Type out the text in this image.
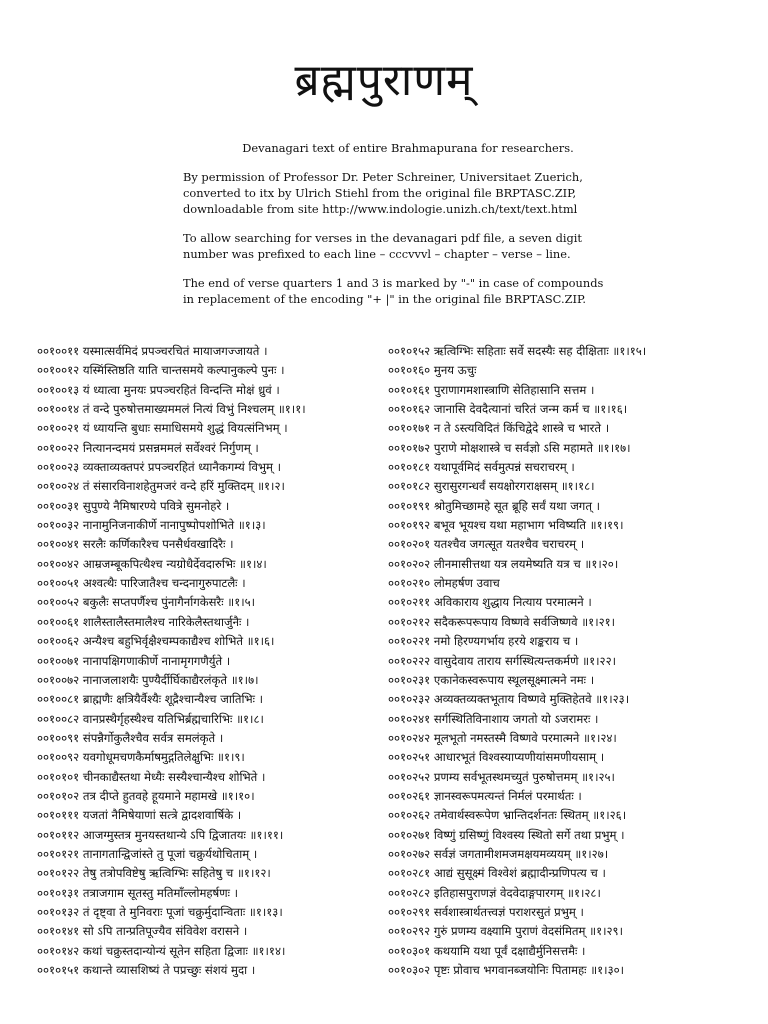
ब्रह्मपुराणम्

Devanagari text of entire Brahmapurana for researchers.

By permission of Professor Dr. Peter Schreiner, Universitaet Zuerich,
converted to itx by Ulrich Stiehl from the original file BRPTASC.ZIP,
downloadable from site http://www.indologie.unizh.ch/text/text.html

To allow searching for verses in the devanagari pdf file, a seven digit
number was prefixed to each line – cccvvvl – chapter – verse – line.

The end of verse quarters 1 and 3 is marked by "-" in case of compounds
in replacement of the encoding "+ |" in the original file BRPTASC.ZIP.

००१००११ यस्मात्सर्वमिदं प्रपञ्चरचितं मायाजगज्जायते ।
००१००१२ यस्मिंस्तिष्ठति याति चान्तसमये कल्पानुकल्पे पुनः ।
००१००१३ यं ध्यात्वा मुनयः प्रपञ्चरहितं विन्दन्ति मोक्षं ध्रुवं ।
००१००१४ तं वन्दे पुरुषोत्तमाख्यममलं नित्यं विभुं निश्चलम् ॥१।१।
००१००२१ यं ध्यायन्ति बुधाः समाधिसमये शुद्धं वियत्संनिभम् ।
००१००२२ नित्यानन्दमयं प्रसन्नममलं सर्वेश्वरं निर्गुणम् ।
००१००२३ व्यक्ताव्यक्तपरं प्रपञ्चरहितं ध्यानैकगम्यं विभुम् ।
००१००२४ तं संसारविनाशहेतुमजरं वन्दे हरिं मुक्तिदम् ॥१।२।
००१००३१ सुपुण्ये नैमिषारण्ये पवित्रे सुमनोहरे ।
००१००३२ नानामुनिजनाकीर्णे नानापुष्पोपशोभिते ॥१।३।
००१००४१ सरलैः कर्णिकारैश्च पनसैर्धवखादिरैः ।
००१००४२ आम्रजम्बूकपित्थैश्च न्यग्रोधैर्देवदारुभिः ॥१।४।
००१००५१ अश्वत्थैः पारिजातैश्च चन्दनागुरुपाटलैः ।
००१००५२ बकुलैः सप्तपर्णैश्च पुंनागैर्नागकेसरैः ॥१।५।
००१००६१ शालैस्तालैस्तमालैश्च नारिकेलैस्तथार्जुनैः ।
००१००६२ अन्यैश्च बहुभिर्वृक्षैश्चम्पकाद्यैश्च शोभिते ॥१।६।
००१००७१ नानापक्षिगणाकीर्णे नानामृगगणैर्युते ।
००१००७२ नानाजलाशयैः पुण्यैर्दीर्घिकाद्यैरलंकृते ॥१।७।
००१००८१ ब्राह्मणैः क्षत्रियैर्वैश्यैः शूद्रैश्चान्यैश्च जातिभिः ।
००१००८२ वानप्रस्थैर्गृहस्थैश्च यतिभिर्ब्रह्मचारिभिः ॥१।८।
००१००९१ संपन्नैर्गोकुलैश्चैव सर्वत्र समलंकृते ।
००१००९२ यवगोधूमचणकैर्माषमुद्गतिलेक्षुभिः ॥१।९।
००१०१०१ चीनकाद्यैस्तथा मेध्यैः सस्यैश्चान्यैश्च शोभिते ।
००१०१०२ तत्र दीप्ते हुतवहे हूयमाने महामखे ॥१।१०।
००१०१११ यजतां नैमिषेयाणां सत्त्रे द्वादशवार्षिके ।
००१०११२ आजग्मुस्तत्र मुनयस्तथान्ये ऽपि द्विजातयः ॥१।११।
००१०१२१ तानागतान्द्विजांस्ते तु पूजां चक्रुर्यथोचिताम् ।
००१०१२२ तेषु तत्रोपविष्टेषु ऋत्विग्भिः सहितेषु च ॥१।१२।
००१०१३१ तत्राजगाम सूतस्तु मतिमाँल्लोमहर्षणः ।
००१०१३२ तं दृष्ट्वा ते मुनिवराः पूजां चक्रुर्मुदान्विताः ॥१।१३।
००१०१४१ सो ऽपि तान्प्रतिपूज्यैव संविवेश वरासने ।
००१०१४२ कथां चक्रुस्तदान्योन्यं सूतेन सहिता द्विजाः ॥१।१४।
००१०१५१ कथान्ते व्यासशिष्यं ते पप्रच्छुः संशयं मुदा ।
००१०१५२ ऋत्विग्भिः सहिताः सर्वे सदस्यैः सह दीक्षिताः ॥१।१५।
००१०१६० मुनय ऊचुः
००१०१६१ पुराणागमशास्त्राणि सेतिहासानि सत्तम ।
००१०१६२ जानासि देवदैत्यानां चरितं जन्म कर्म च ॥१।१६।
००१०१७१ न ते ऽस्त्यविदितं किंचिद्वेदे शास्त्रे च भारते ।
००१०१७२ पुराणे मोक्षशास्त्रे च सर्वज्ञो ऽसि महामते ॥१।१७।
००१०१८१ यथापूर्वमिदं सर्वमुत्पन्नं सचराचरम् ।
००१०१८२ सुरासुरगन्धर्वं सयक्षोरगराक्षसम् ॥१।१८।
००१०१९१ श्रोतुमिच्छामहे सूत ब्रूहि सर्वं यथा जगत् ।
००१०१९२ बभूव भूयश्च यथा महाभाग भविष्यति ॥१।१९।
००१०२०१ यतश्चैव जगत्सूत यतश्चैव चराचरम् ।
००१०२०२ लीनमासीत्तथा यत्र लयमेष्यति यत्र च ॥१।२०।
००१०२१० लोमहर्षण उवाच
००१०२११ अविकाराय शुद्धाय नित्याय परमात्मने ।
००१०२१२ सदैकरूपरूपाय विष्णवे सर्वजिष्णवे ॥१।२१।
००१०२२१ नमो हिरण्यगर्भाय हरये शङ्कराय च ।
००१०२२२ वासुदेवाय ताराय सर्गस्थित्यन्तकर्मणे ॥१।२२।
००१०२३१ एकानेकस्वरूपाय स्थूलसूक्ष्मात्मने नमः ।
००१०२३२ अव्यक्तव्यक्तभूताय विष्णवे मुक्तिहेतवे ॥१।२३।
००१०२४१ सर्गस्थितिविनाशाय जगतो यो ऽजरामरः ।
००१०२४२ मूलभूतो नमस्तस्मै विष्णवे परमात्मने ॥१।२४।
००१०२५१ आधारभूतं विश्वस्याप्यणीयांसमणीयसाम् ।
००१०२५२ प्रणम्य सर्वभूतस्थमच्युतं पुरुषोत्तमम् ॥१।२५।
००१०२६१ ज्ञानस्वरूपमत्यन्तं निर्मलं परमार्थतः ।
००१०२६२ तमेवार्थस्वरूपेण भ्रान्तिदर्शनतः स्थितम् ॥१।२६।
००१०२७१ विष्णुं ग्रसिष्णुं विश्वस्य स्थितो सर्गे तथा प्रभुम् ।
००१०२७२ सर्वज्ञं जगतामीशमजमक्षयमव्ययम् ॥१।२७।
००१०२८१ आद्यं सुसूक्ष्मं विश्वेशं ब्रह्मादीन्प्रणिपत्य च ।
००१०२८२ इतिहासपुराणज्ञं वेदवेदाङ्गपारगम् ॥१।२८।
००१०२९१ सर्वशास्त्रार्थतत्त्वज्ञं पराशरसुतं प्रभुम् ।
००१०२९२ गुरुं प्रणम्य वक्ष्यामि पुराणं वेदसंमितम् ॥१।२९।
००१०३०१ कथयामि यथा पूर्वं दक्षाद्यैर्मुनिसत्तमैः ।
००१०३०२ पृष्टः प्रोवाच भगवानब्जयोनिः पितामहः ॥१।३०।
